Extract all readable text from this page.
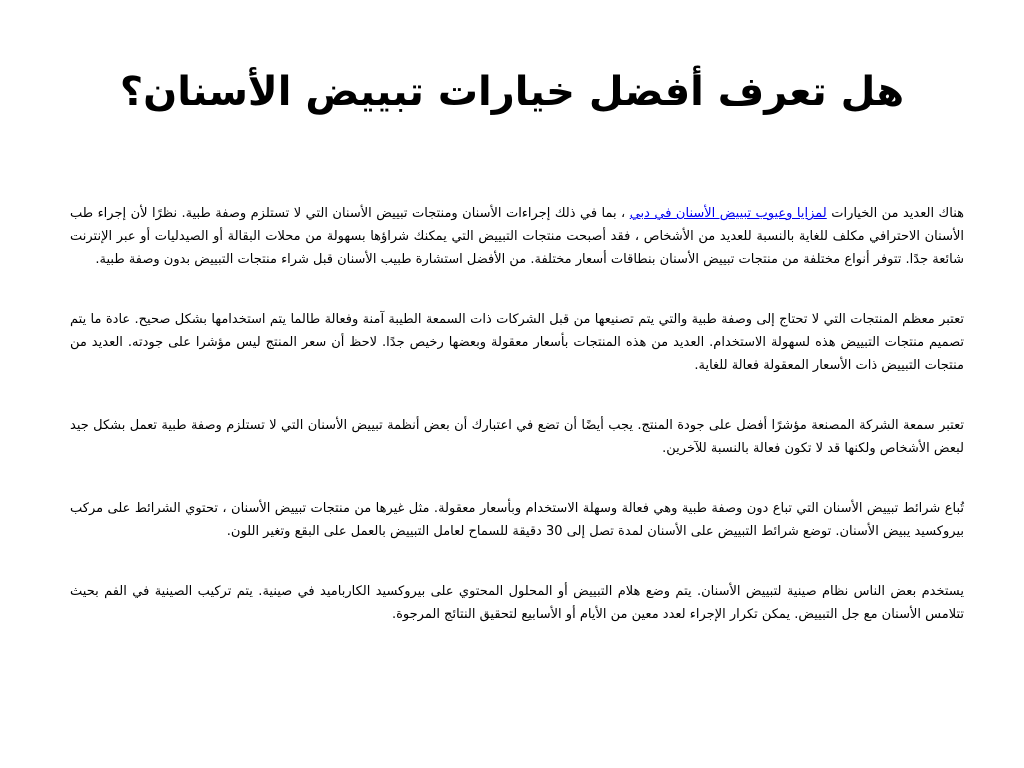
هل تعرف أفضل خيارات تبييض الأسنان؟

هناك العديد من الخيارات لمزايا وعيوب تبييض الأسنان في دبي ، بما في ذلك إجراءات الأسنان ومنتجات تبييض الأسنان التي لا تستلزم وصفة طبية. نظرًا لأن إجراء طب الأسنان الاحترافي مكلف للغاية بالنسبة للعديد من الأشخاص ، فقد أصبحت منتجات التبييض التي يمكنك شراؤها بسهولة من محلات البقالة أو الصيدليات أو عبر الإنترنت شائعة جدًا. تتوفر أنواع مختلفة من منتجات تبييض الأسنان بنطاقات أسعار مختلفة. من الأفضل استشارة طبيب الأسنان قبل شراء منتجات التبييض بدون وصفة طبية.

تعتبر معظم المنتجات التي لا تحتاج إلى وصفة طبية والتي يتم تصنيعها من قبل الشركات ذات السمعة الطيبة آمنة وفعالة طالما يتم استخدامها بشكل صحيح. عادة ما يتم تصميم منتجات التبييض هذه لسهولة الاستخدام. العديد من هذه المنتجات بأسعار معقولة وبعضها رخيص جدًا. لاحظ أن سعر المنتج ليس مؤشرا على جودته. العديد من منتجات التبييض ذات الأسعار المعقولة فعالة للغاية.

تعتبر سمعة الشركة المصنعة مؤشرًا أفضل على جودة المنتج. يجب أيضًا أن تضع في اعتبارك أن بعض أنظمة تبييض الأسنان التي لا تستلزم وصفة طبية تعمل بشكل جيد لبعض الأشخاص ولكنها قد لا تكون فعالة بالنسبة للآخرين.

تُباع شرائط تبييض الأسنان التي تباع دون وصفة طبية وهي فعالة وسهلة الاستخدام وبأسعار معقولة. مثل غيرها من منتجات تبييض الأسنان ، تحتوي الشرائط على مركب بيروكسيد يبيض الأسنان. توضع شرائط التبييض على الأسنان لمدة تصل إلى 30 دقيقة للسماح لعامل التبييض بالعمل على البقع وتغير اللون.

يستخدم بعض الناس نظام صينية لتبييض الأسنان. يتم وضع هلام التبييض أو المحلول المحتوي على بيروكسيد الكارباميد في صينية. يتم تركيب الصينية في الفم بحيث تتلامس الأسنان مع جل التبييض. يمكن تكرار الإجراء لعدد معين من الأيام أو الأسابيع لتحقيق النتائج المرجوة.
